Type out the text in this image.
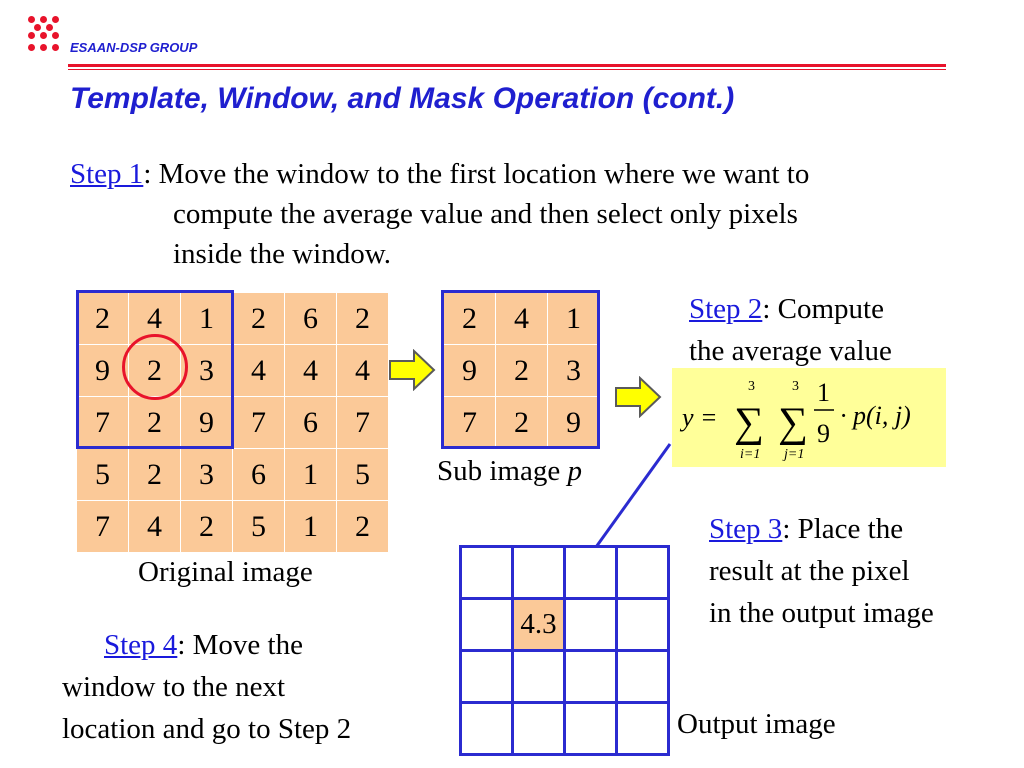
ESAAN-DSP GROUP
Template, Window, and Mask Operation (cont.)
Step 1: Move the window to the first location where we want to
compute the average value and then select only pixels
inside the window.
2	4	1	2	6	2
9	2	3	4	4	4
7	2	9	7	6	7
5	2	3	6	1	5
7	4	2	5	1	2
Original image
2	4	1
9	2	3
7	2	9
Sub image p
Step 2: Compute
the average value
y =
3
∑
i=1
3
∑
j=1
1
9
· p(i, j)
Step 3: Place the
result at the pixel
in the output image

	4.3		

Output image
Step 4: Move the
window to the next
location and go to Step 2
